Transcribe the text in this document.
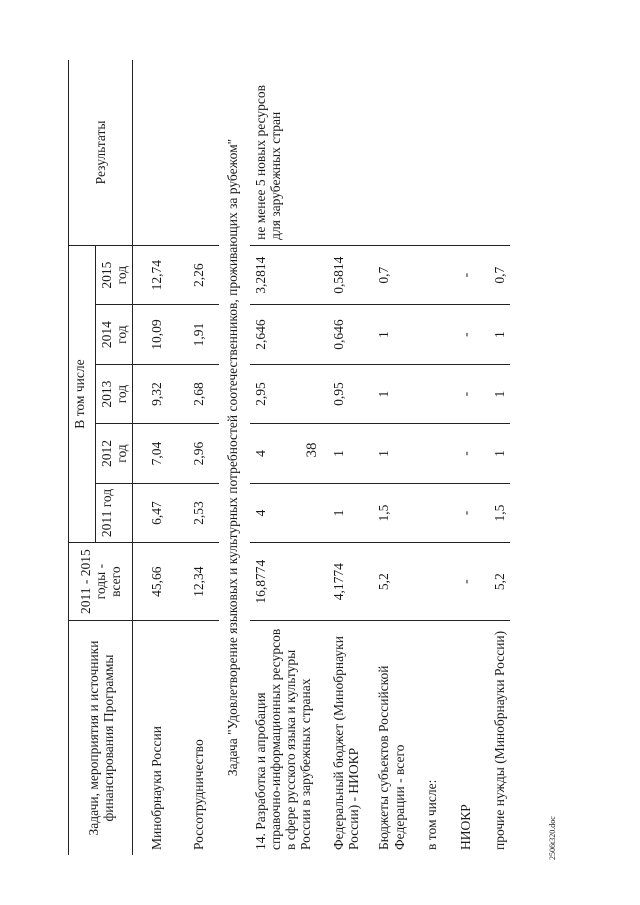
38
Задачи, мероприятия и источники финансирования Программы	2011 - 2015 годы - всего	В том числе					Результаты
		2011 год	2012 год	2013 год	2014 год	2015 год	
Минобрнауки России	45,66	6,47	7,04	9,32	10,09	12,74	
Россотрудничество	12,34	2,53	2,96	2,68	1,91	2,26	
Задача "Удовлетворение языковых и культурных потребностей соотечественников, проживающих за рубежом"							
14. Разработка и апробация справочно-информационных ресурсов в сфере русского языка и культуры России в зарубежных странах	16,8774	4	4	2,95	2,646	3,2814	не менее 5 новых ресурсов для зарубежных стран
Федеральный бюджет (Минобрнауки России) - НИОКР	4,1774	1	1	0,95	0,646	0,5814	
Бюджеты субъектов Российской Федерации - всего	5,2	1,5	1	1	1	0,7	
в том числе:							
НИОКР	-	-	-	-	-	-	
прочие нужды (Минобрнауки России)	5,2	1,5	1	1	1	0,7	
2506t320.doc
